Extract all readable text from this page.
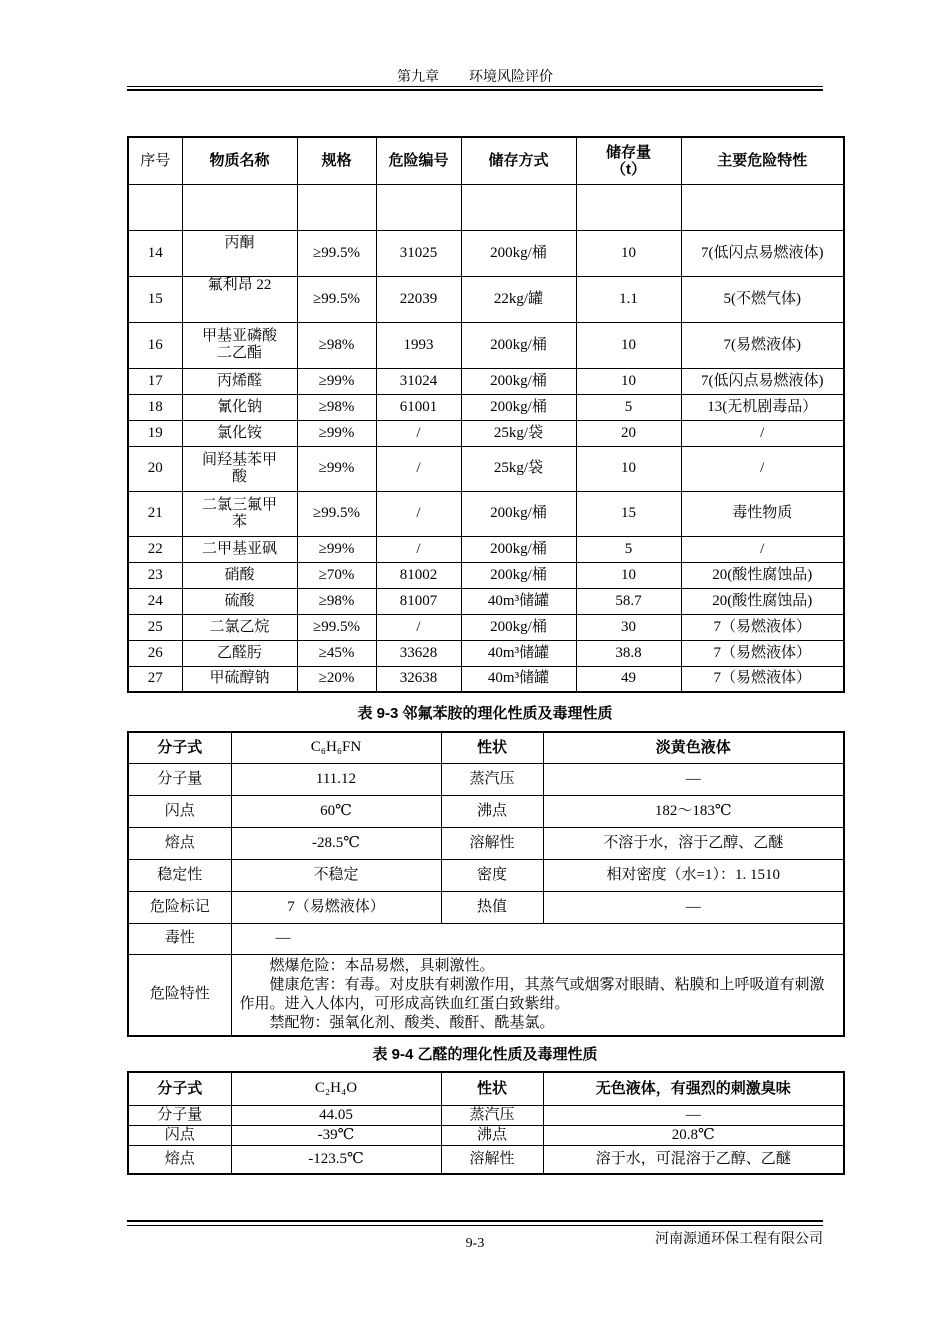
第九章 环境风险评价
序号	物质名称	规格	危险编号	储存方式	储存量（t）	主要危险特性

14	丙酮	≥99.5%	31025	200kg/桶	10	7(低闪点易燃液体)
15	氟利昂 22	≥99.5%	22039	22kg/罐	1.1	5(不燃气体)
16	甲基亚磷酸二乙酯	≥98%	1993	200kg/桶	10	7(易燃液体)
17	丙烯醛	≥99%	31024	200kg/桶	10	7(低闪点易燃液体)
18	氰化钠	≥98%	61001	200kg/桶	5	13(无机剧毒品）
19	氯化铵	≥99%	/	25kg/袋	20	/
20	间羟基苯甲酸	≥99%	/	25kg/袋	10	/
21	二氯三氟甲苯	≥99.5%	/	200kg/桶	15	毒性物质
22	二甲基亚砜	≥99%	/	200kg/桶	5	/
23	硝酸	≥70%	81002	200kg/桶	10	20(酸性腐蚀品)
24	硫酸	≥98%	81007	40m³储罐	58.7	20(酸性腐蚀品)
25	二氯乙烷	≥99.5%	/	200kg/桶	30	7（易燃液体）
26	乙醛肟	≥45%	33628	40m³储罐	38.8	7（易燃液体）
27	甲硫醇钠	≥20%	32638	40m³储罐	49	7（易燃液体）
表 9-3 邻氟苯胺的理化性质及毒理性质
分子式	C₆H₆FN	性状	淡黄色液体
分子量	111.12	蒸汽压	—
闪点	60℃	沸点	182～183℃
熔点	-28.5℃	溶解性	不溶于水，溶于乙醇、乙醚
稳定性	不稳定	密度	相对密度（水=1）：1. 1510
危险标记	7（易燃液体）	热值	—
毒性	—		
危险特性	燃爆危险：本品易燃，具刺激性。
健康危害：有毒。对皮肤有刺激作用，其蒸气或烟雾对眼睛、粘膜和上呼吸道有刺激作用。进入人体内，可形成高铁血红蛋白致紫绀。
禁配物：强氧化剂、酸类、酸酐、酰基氯。		
表 9-4 乙醛的理化性质及毒理性质
分子式	C₂H₄O	性状	无色液体，有强烈的刺激臭味
分子量	44.05	蒸汽压	—
闪点	-39℃	沸点	20.8℃
熔点	-123.5℃	溶解性	溶于水，可混溶于乙醇、乙醚
9-3	河南源通环保工程有限公司
